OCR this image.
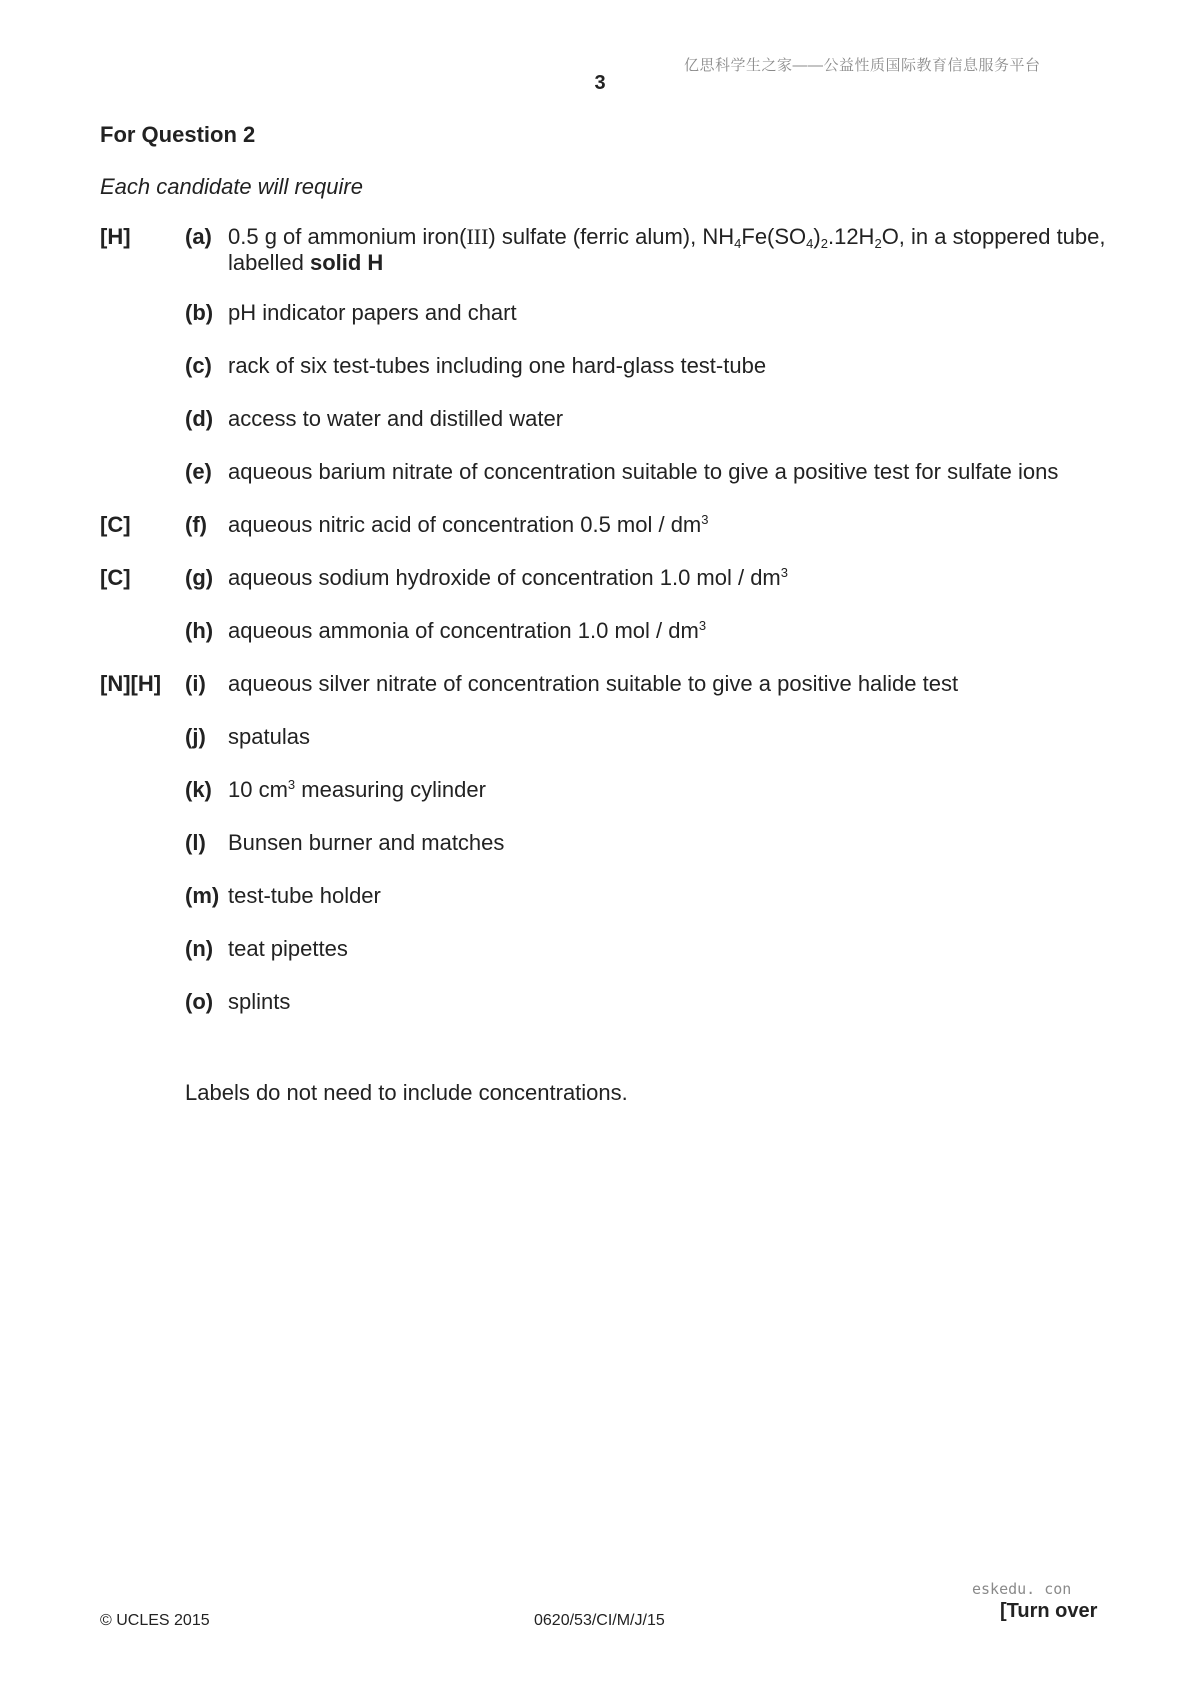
亿思科学生之家——公益性质国际教育信息服务平台
3
For Question 2
Each candidate will require
[H] (a) 0.5 g of ammonium iron(III) sulfate (ferric alum), $NH_4Fe(SO_4)_2.12H_2O$, in a stoppered tube,
labelled solid H
(b) pH indicator papers and chart
(c) rack of six test-tubes including one hard-glass test-tube
(d) access to water and distilled water
(e) aqueous barium nitrate of concentration suitable to give a positive test for sulfate ions
[C] (f) aqueous nitric acid of concentration 0.5 mol / $dm^3$
[C] (g) aqueous sodium hydroxide of concentration 1.0 mol / $dm^3$
(h) aqueous ammonia of concentration 1.0 mol / $dm^3$
[N][H] (i) aqueous silver nitrate of concentration suitable to give a positive halide test
(j) spatulas
(k) 10 $cm^3$ measuring cylinder
(l) Bunsen burner and matches
(m) test-tube holder
(n) teat pipettes
(o) splints
Labels do not need to include concentrations.
© UCLES 2015	0620/53/CI/M/J/15
eskedu. con
[Turn over
